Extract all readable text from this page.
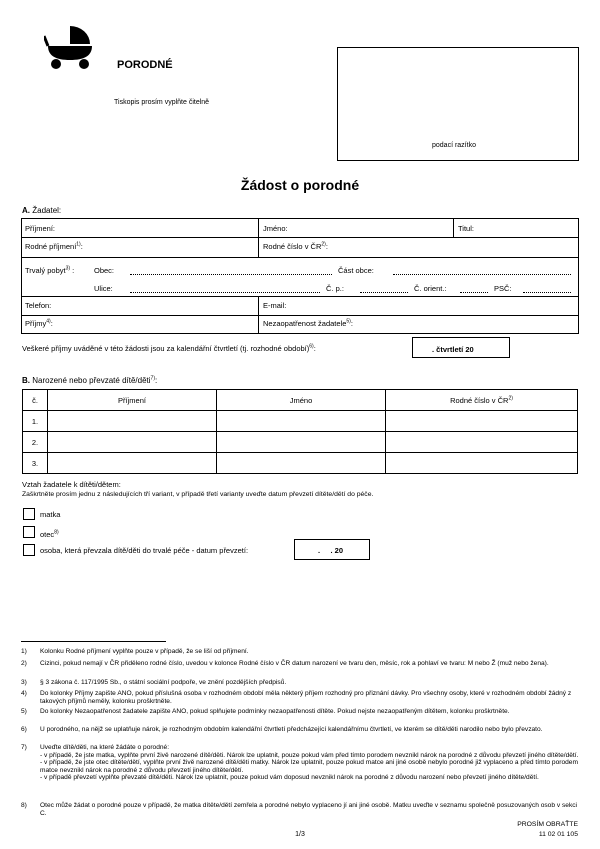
PORODNÉ
Tiskopis prosím vyplňte čitelně
podací razítko
Žádost o porodné
A. Žadatel:
Příjmení:	Jméno:	Titul:
Rodné příjmení$^{1)}$:	Rodné číslo v ČR$^{2)}$:
Trvalý pobyt$^{3)}$ :	Obec:	Část obce:
Ulice:	Č. p.:	Č. orient.:	PSČ:
Telefon:	E-mail:
Příjmy$^{4)}$:	Nezaopatřenost žadatele$^{5)}$:
Veškeré příjmy uváděné v této žádosti jsou za kalendářní čtvrtletí (tj. rozhodné období)$^{6)}$:	. čtvrtletí 20
B. Narozené nebo převzaté dítě/děti$^{7)}$:
č.	Příjmení	Jméno	Rodné číslo v ČR$^{2)}$
1.			
2.			
3.			
Vztah žadatele k dítěti/dětem:
Zaškrtněte prosím jednu z následujících tří variant, v případě třetí varianty uveďte datum převzetí dítěte/dětí do péče.
matka
otec$^{8)}$
osoba, která převzala dítě/děti do trvalé péče - datum převzetí:	.     . 20
1) Kolonku Rodné příjmení vyplňte pouze v případě, že se liší od příjmení.
2) Cizinci, pokud nemají v ČR přiděleno rodné číslo, uvedou v kolonce Rodné číslo v ČR datum narození ve tvaru den, měsíc, rok a pohlaví ve tvaru: M nebo Ž (muž nebo žena).
3) § 3 zákona č. 117/1995 Sb., o státní sociální podpoře, ve znění pozdějších předpisů.
4) Do kolonky Příjmy zapište ANO, pokud příslušná osoba v rozhodném období měla některý příjem rozhodný pro přiznání dávky. Pro všechny osoby, které v rozhodném období žádný z takových příjmů neměly, kolonku proškrtněte.
5) Do kolonky Nezaopatřenost žadatele zapište ANO, pokud splňujete podmínky nezaopatřenosti dítěte. Pokud nejste nezaopatřeným dítětem, kolonku proškrtněte.
6) U porodného, na nějž se uplatňuje nárok, je rozhodným obdobím kalendářní čtvrtletí předcházející kalendářnímu čtvrtletí, ve kterém se dítě/děti narodilo nebo bylo převzato.
7) Uveďte dítě/děti, na které žádáte o porodné:
- v případě, že jste matka, vyplňte první živě narozené dítě/děti. Nárok lze uplatnit, pouze pokud vám před tímto porodem nevznikl nárok na porodné z důvodu převzetí jiného dítěte/dětí.
- v případě, že jste otec dítěte/dětí, vyplňte první živě narozené dítě/děti matky. Nárok lze uplatnit, pouze pokud matce ani jiné osobě nebylo porodné již vyplaceno a před tímto porodem matce nevznikl nárok na porodné z důvodu převzetí jiného dítěte/dětí.
- v případě převzetí vyplňte převzaté dítě/děti. Nárok lze uplatnit, pouze pokud vám doposud nevznikl nárok na porodné z důvodu narození nebo převzetí jiného dítěte/dětí.
8) Otec může žádat o porodné pouze v případě, že matka dítěte/dětí zemřela a porodné nebylo vyplaceno jí ani jiné osobě. Matku uveďte v seznamu společně posuzovaných osob v sekci C.
1/3
PROSÍM OBRAŤTE
11 02 01 105
